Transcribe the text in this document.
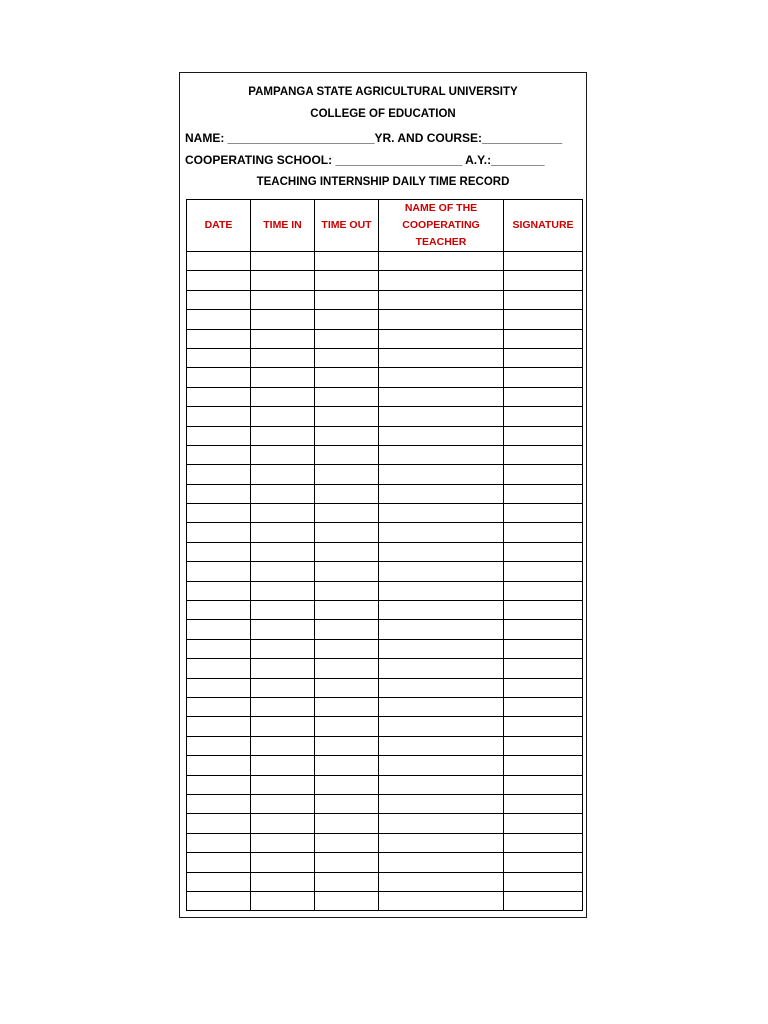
PAMPANGA STATE AGRICULTURAL UNIVERSITY
COLLEGE OF EDUCATION
NAME: ______________________YR. AND COURSE:____________
COOPERATING SCHOOL: ___________________ A.Y.:________
TEACHING INTERNSHIP DAILY TIME RECORD
DATE	TIME IN	TIME OUT	NAME OF THE COOPERATING TEACHER	SIGNATURE
